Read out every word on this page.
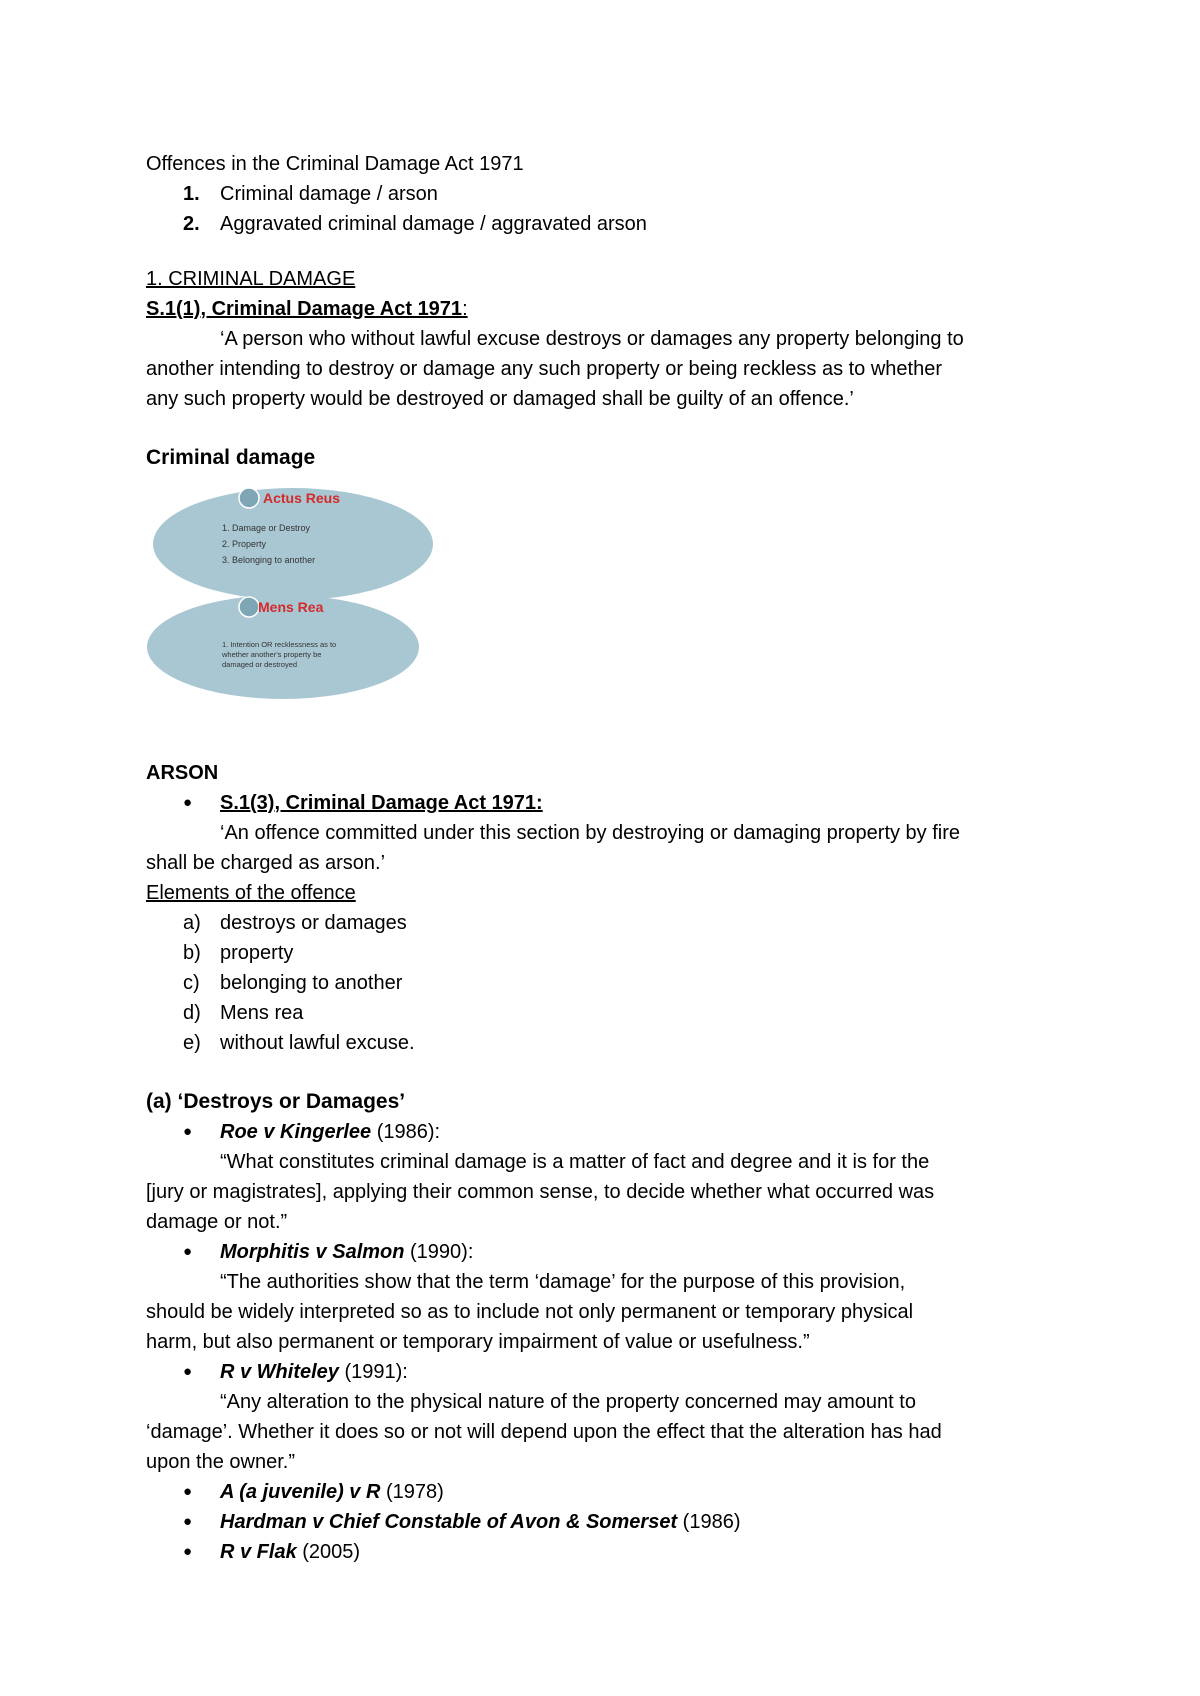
Offences in the Criminal Damage Act 1971
1. Criminal damage / arson
2. Aggravated criminal damage / aggravated arson
1. CRIMINAL DAMAGE
S.1(1), Criminal Damage Act 1971:
‘A person who without lawful excuse destroys or damages any property belonging to
another intending to destroy or damage any such property or being reckless as to whether
any such property would be destroyed or damaged shall be guilty of an offence.’
Criminal damage
Actus Reus
1. Damage or Destroy
2. Property
3. Belonging to another
Mens Rea
1. Intention OR recklessness as to
whether another's property be
damaged or destroyed
ARSON
● S.1(3), Criminal Damage Act 1971:
‘An offence committed under this section by destroying or damaging property by fire
shall be charged as arson.’
Elements of the offence
a) destroys or damages
b) property
c) belonging to another
d) Mens rea
e) without lawful excuse.
(a) ‘Destroys or Damages’
● Roe v Kingerlee (1986):
“What constitutes criminal damage is a matter of fact and degree and it is for the
[jury or magistrates], applying their common sense, to decide whether what occurred was
damage or not.”
● Morphitis v Salmon (1990):
“The authorities show that the term ‘damage’ for the purpose of this provision,
should be widely interpreted so as to include not only permanent or temporary physical
harm, but also permanent or temporary impairment of value or usefulness.”
● R v Whiteley (1991):
“Any alteration to the physical nature of the property concerned may amount to
‘damage’. Whether it does so or not will depend upon the effect that the alteration has had
upon the owner.”
● A (a juvenile) v R (1978)
● Hardman v Chief Constable of Avon & Somerset (1986)
● R v Flak (2005)
